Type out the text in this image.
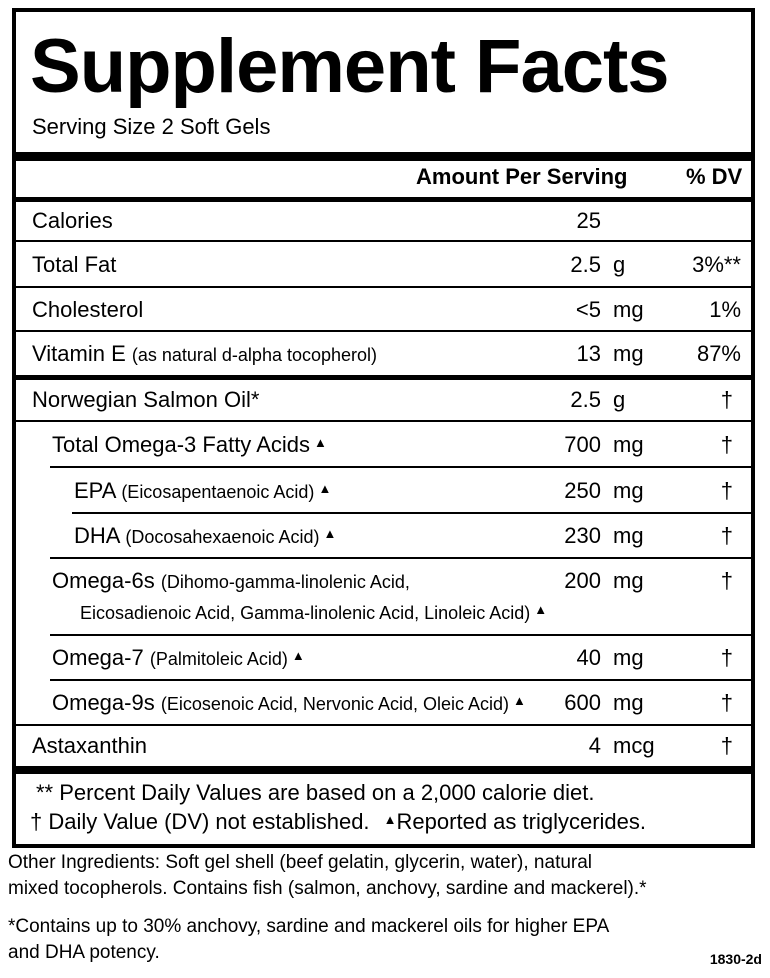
Supplement Facts
Serving Size 2 Soft Gels
Amount Per Serving	% DV
Calories	25
Total Fat	2.5 g	3%**
Cholesterol	<5 mg	1%
Vitamin E (as natural d-alpha tocopherol)	13 mg 87%
Norwegian Salmon Oil*	2.5 g	†
Total Omega-3 Fatty Acids ▲	700 mg	†
EPA (Eicosapentaenoic Acid) ▲	250 mg	†
DHA (Docosahexaenoic Acid) ▲	230 mg	†
Omega-6s (Dihomo-gamma-linolenic Acid,	200 mg	†
Eicosadienoic Acid, Gamma-linolenic Acid, Linoleic Acid) ▲
Omega-7 (Palmitoleic Acid) ▲	40 mg	†
Omega-9s (Eicosenoic Acid, Nervonic Acid, Oleic Acid) ▲ 600 mg	†
Astaxanthin	4 mcg	†
** Percent Daily Values are based on a 2,000 calorie diet.
† Daily Value (DV) not established. ▲Reported as triglycerides.
Other Ingredients: Soft gel shell (beef gelatin, glycerin, water), natural
mixed tocopherols. Contains fish (salmon, anchovy, sardine and mackerel).*
*Contains up to 30% anchovy, sardine and mackerel oils for higher EPA
and DHA potency.	1830-2d
